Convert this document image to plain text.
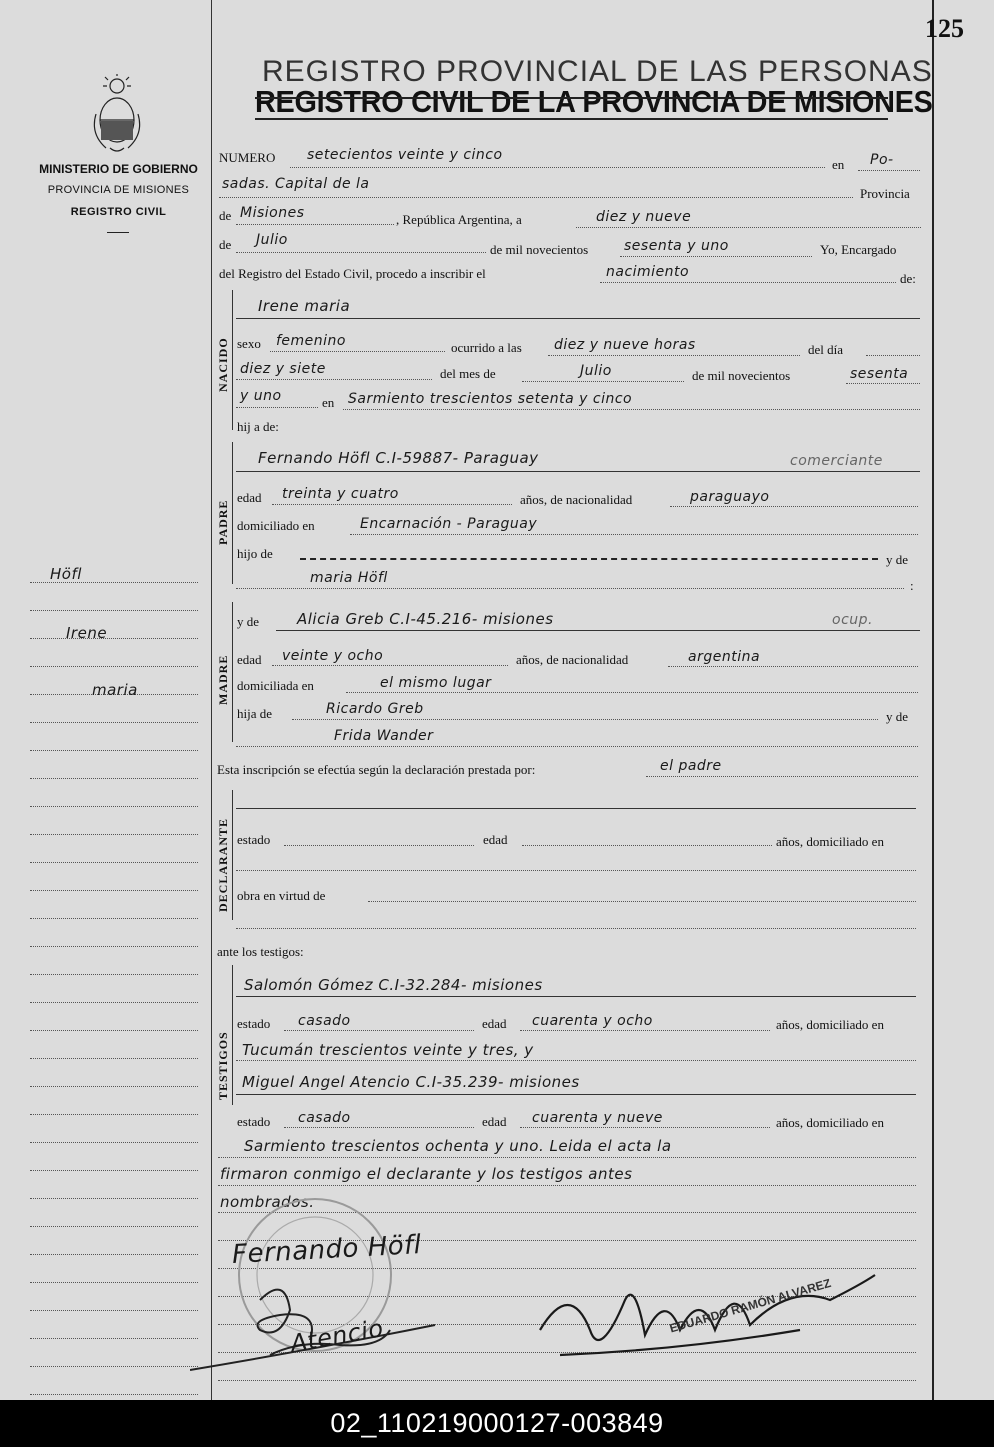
125
MINISTERIO DE GOBIERNO
PROVINCIA DE MISIONES
REGISTRO CIVIL
REGISTRO PROVINCIAL DE LAS PERSONAS
REGISTRO CIVIL DE LA PROVINCIA DE MISIONES
Höfl
Irene
maria
NUMERO setecientos veinte y cinco
en Po-
sadas. Capital de la
Provincia
de Misiones	, República Argentina, a	diez y nueve
de Julio
de mil novecientos	sesenta y uno	Yo, Encargado
del Registro del Estado Civil, procedo a inscribir el	nacimiento	de:
NACIDO
Irene maria
sexo femenino	ocurrido a las diez y nueve horas	del día
diez y siete	del mes de	Julio	de mil novecientos	sesenta
y uno	en Sarmiento trescientos setenta y cinco
hij a de:
PADRE
Fernando Höfl C.I-59887- Paraguay	comerciante
edad treinta y cuatro	años, de nacionalidad	paraguayo
domiciliado en	Encarnación - Paraguay
hijo de	y de
maria Höfl	:
MADRE
y de	Alicia Greb C.I-45.216- misiones	ocup.
edad veinte y ocho	años, de nacionalidad	argentina
domiciliada en	el mismo lugar
hija de	Ricardo Greb	y de
Frida Wander
Esta inscripción se efectúa según la declaración prestada por:	el padre
DECLARANTE estado	edad	años, domiciliado en
obra en virtud de
ante los testigos:
TESTIGOS
Salomón Gómez C.I-32.284- misiones
estado casado	edad cuarenta y ocho	años, domiciliado en
Tucumán trescientos veinte y tres, y
Miguel Angel Atencio C.I-35.239- misiones
estado casado	edad cuarenta y nueve	años, domiciliado en
Sarmiento trescientos ochenta y uno. Leida el acta la
firmaron conmigo el declarante y los testigos antes
nombrados.
Fernando Höfl
Atencio
EDUARDO RAMÓN ALVAREZ
02_110219000127-003849
